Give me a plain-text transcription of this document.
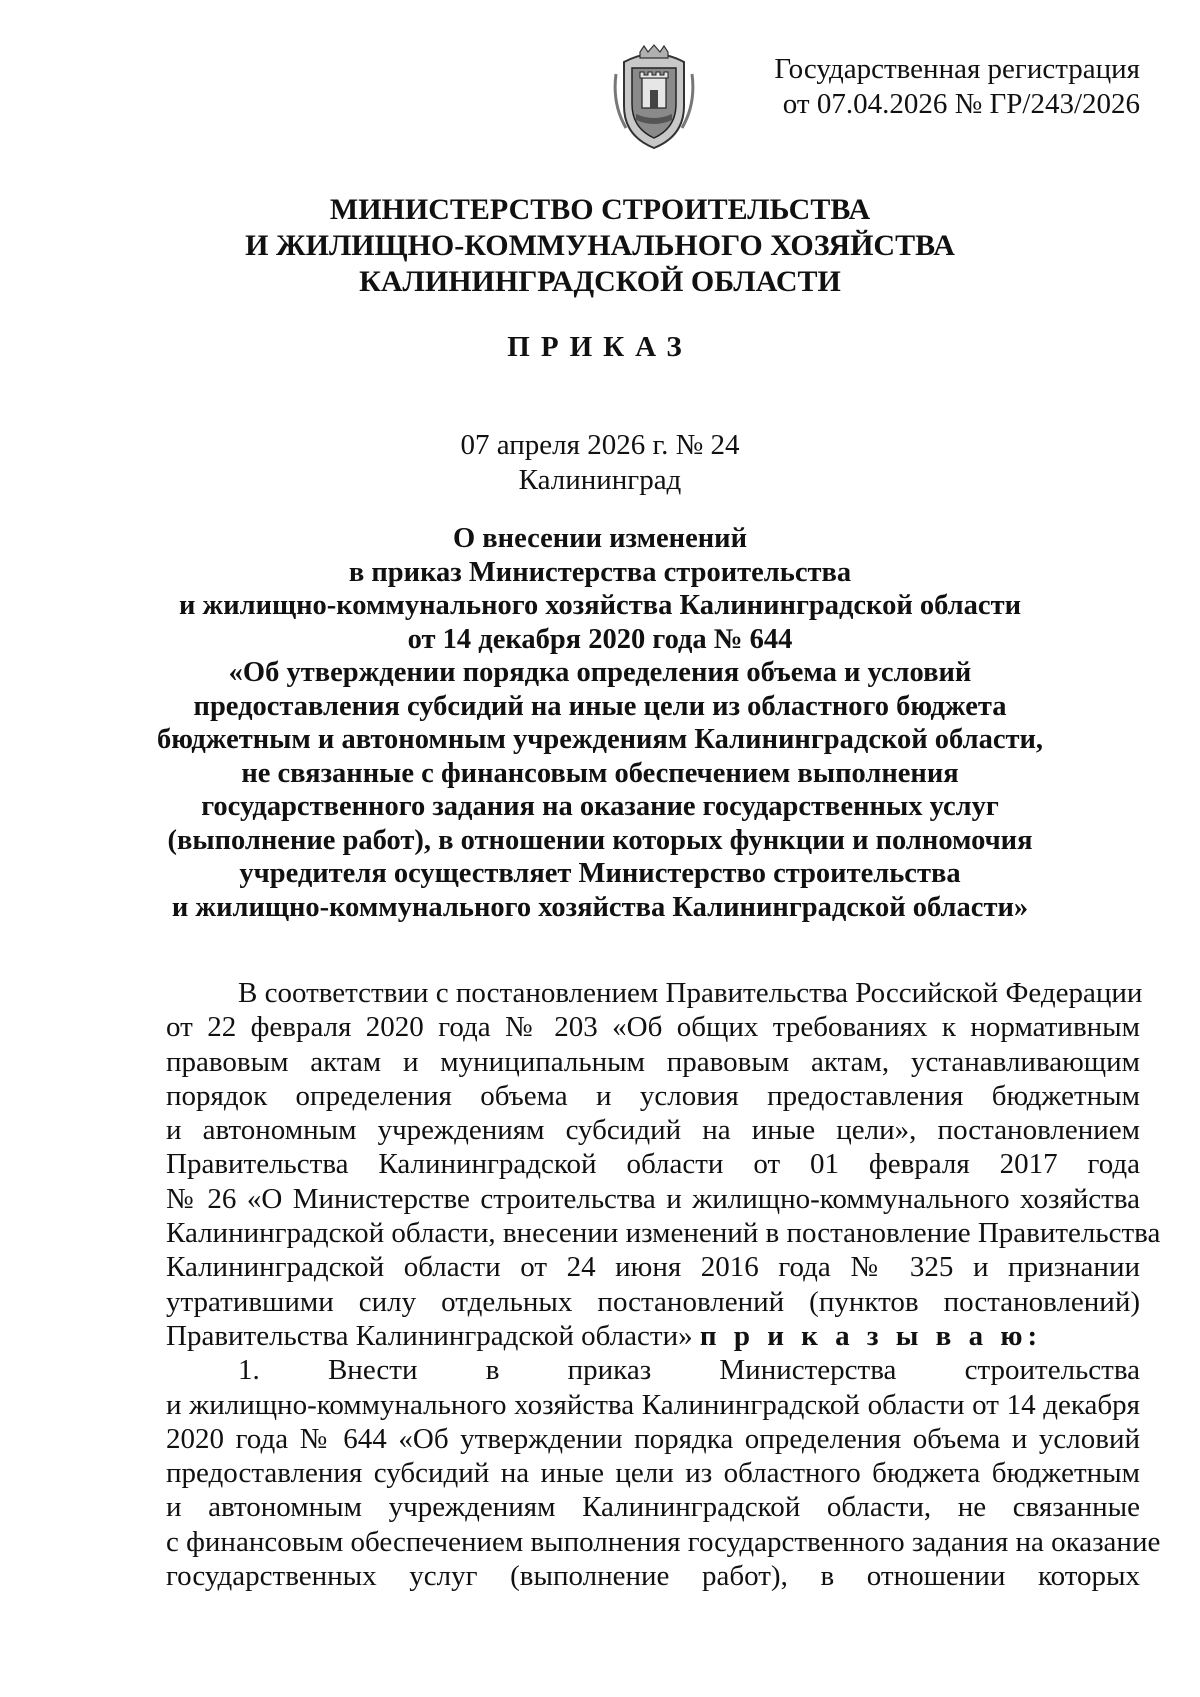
Государственная регистрация
от 07.04.2026 № ГР/243/2026
МИНИСТЕРСТВО СТРОИТЕЛЬСТВА
И ЖИЛИЩНО-КОММУНАЛЬНОГО ХОЗЯЙСТВА
КАЛИНИНГРАДСКОЙ ОБЛАСТИ
ПРИКАЗ
07 апреля 2026 г. № 24
Калининград
О внесении изменений
в приказ Министерства строительства
и жилищно-коммунального хозяйства Калининградской области
от 14 декабря 2020 года № 644
«Об утверждении порядка определения объема и условий
предоставления субсидий на иные цели из областного бюджета
бюджетным и автономным учреждениям Калининградской области,
не связанные с финансовым обеспечением выполнения
государственного задания на оказание государственных услуг
(выполнение работ), в отношении которых функции и полномочия
учредителя осуществляет Министерство строительства
и жилищно-коммунального хозяйства Калининградской области»
В соответствии с постановлением Правительства Российской Федерации
от 22 февраля 2020 года № 203 «Об общих требованиях к нормативным
правовым актам и муниципальным правовым актам, устанавливающим
порядок определения объема и условия предоставления бюджетным
и автономным учреждениям субсидий на иные цели», постановлением
Правительства Калининградской области от 01 февраля 2017 года
№ 26 «О Министерстве строительства и жилищно-коммунального хозяйства
Калининградской области, внесении изменений в постановление Правительства
Калининградской области от 24 июня 2016 года № 325 и признании
утратившими силу отдельных постановлений (пунктов постановлений)
Правительства Калининградской области» п р и к а з ы в а ю:
1. Внести в приказ Министерства строительства
и жилищно-коммунального хозяйства Калининградской области от 14 декабря
2020 года № 644 «Об утверждении порядка определения объема и условий
предоставления субсидий на иные цели из областного бюджета бюджетным
и автономным учреждениям Калининградской области, не связанные
с финансовым обеспечением выполнения государственного задания на оказание
государственных услуг (выполнение работ), в отношении которых
